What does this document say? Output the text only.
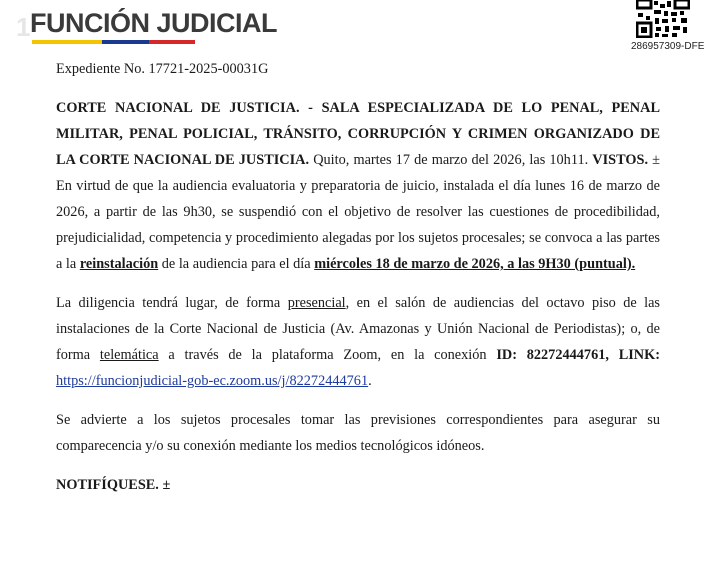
1 FUNCIÓN JUDICIAL
286957309-DFE

Expediente No. 17721-2025-00031G

CORTE NACIONAL DE JUSTICIA. - SALA ESPECIALIZADA DE LO PENAL, PENAL MILITAR, PENAL POLICIAL, TRÁNSITO, CORRUPCIÓN Y CRIMEN ORGANIZADO DE LA CORTE NACIONAL DE JUSTICIA. Quito, martes 17 de marzo del 2026, las 10h11. VISTOS. ± En virtud de que la audiencia evaluatoria y preparatoria de juicio, instalada el día lunes 16 de marzo de 2026, a partir de las 9h30, se suspendió con el objetivo de resolver las cuestiones de procedibilidad, prejudicialidad, competencia y procedimiento alegadas por los sujetos procesales; se convoca a las partes a la reinstalación de la audiencia para el día miércoles 18 de marzo de 2026, a las 9H30 (puntual).

La diligencia tendrá lugar, de forma presencial, en el salón de audiencias del octavo piso de las instalaciones de la Corte Nacional de Justicia (Av. Amazonas y Unión Nacional de Periodistas); o, de forma telemática a través de la plataforma Zoom, en la conexión ID: 82272444761, LINK: https://funcionjudicial-gob-ec.zoom.us/j/82272444761.

Se advierte a los sujetos procesales tomar las previsiones correspondientes para asegurar su comparecencia y/o su conexión mediante los medios tecnológicos idóneos.

NOTIFÍQUESE. ±
